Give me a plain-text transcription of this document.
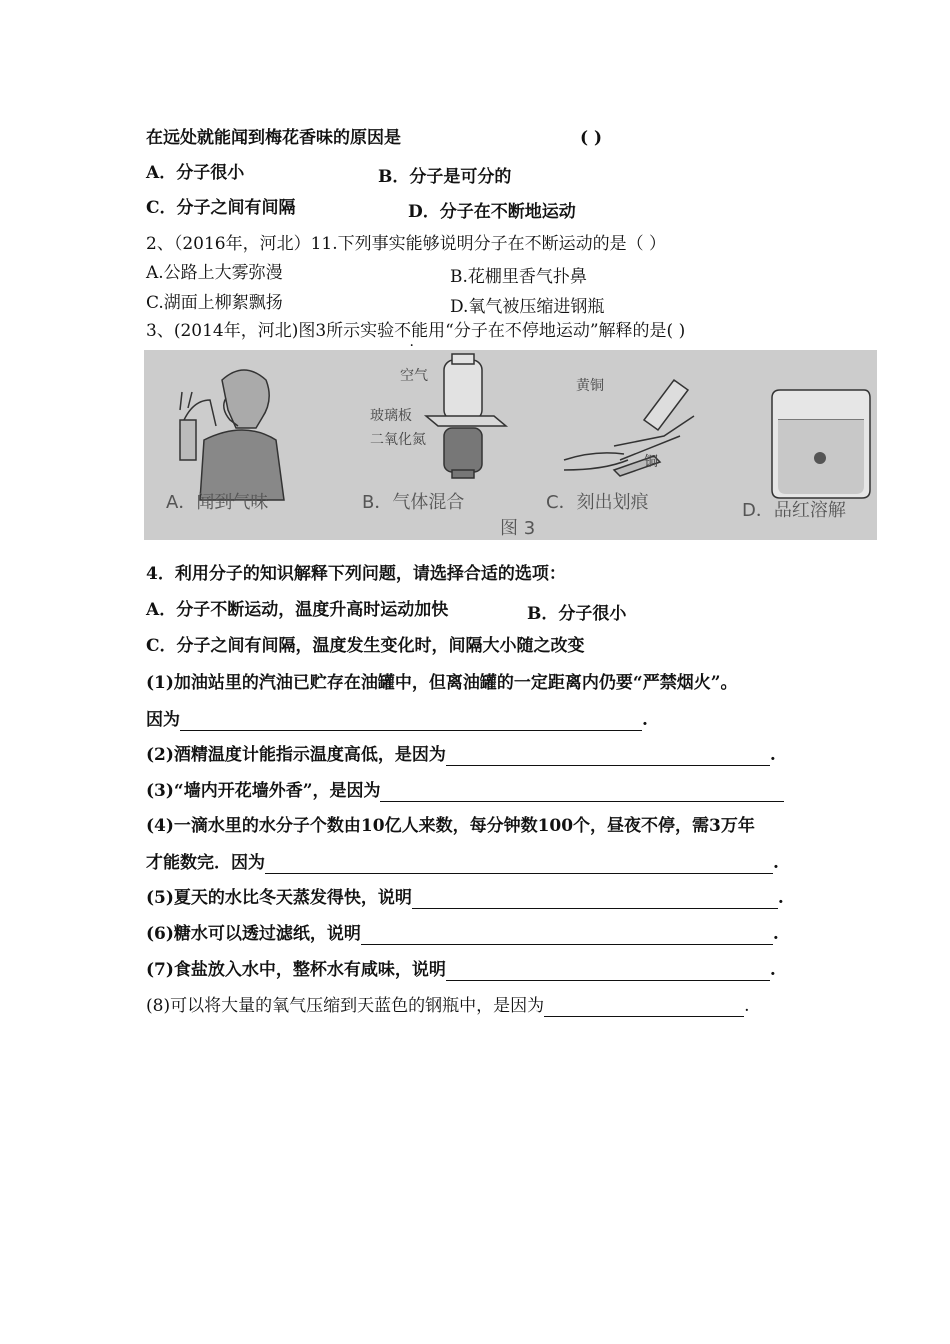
在远处就能闻到梅花香味的原因是	( )
A．分子很小	B．分子是可分的
C．分子之间有间隔	D．分子在不断地运动
2、（2016年，河北）11.下列事实能够说明分子在不断运动的是（ ）
A.公路上大雾弥漫	B.花棚里香气扑鼻
C.湖面上柳絮飘扬	D.氧气被压缩进钢瓶
3、(2014年，河北)图3所示实验不能用“分子在不停地运动”解释的是( )
空气
玻璃板
二氧化氮
黄铜
铜
A．闻到气味	B．气体混合	C．刻出划痕	D．品红溶解
图 3
4．利用分子的知识解释下列问题，请选择合适的选项：
A．分子不断运动，温度升高时运动加快	B．分子很小
C．分子之间有间隔，温度发生变化时，间隔大小随之改变
(1)加油站里的汽油已贮存在油罐中，但离油罐的一定距离内仍要“严禁烟火”。
因为	.
(2)酒精温度计能指示温度高低，是因为	.
(3)“墙内开花墙外香”，是因为
(4)一滴水里的水分子个数由10亿人来数，每分钟数100个，昼夜不停，需3万年
才能数完．因为	.
(5)夏天的水比冬天蒸发得快，说明	.
(6)糖水可以透过滤纸，说明	.
(7)食盐放入水中，整杯水有咸味，说明	.
(8)可以将大量的氧气压缩到天蓝色的钢瓶中，是因为	.
